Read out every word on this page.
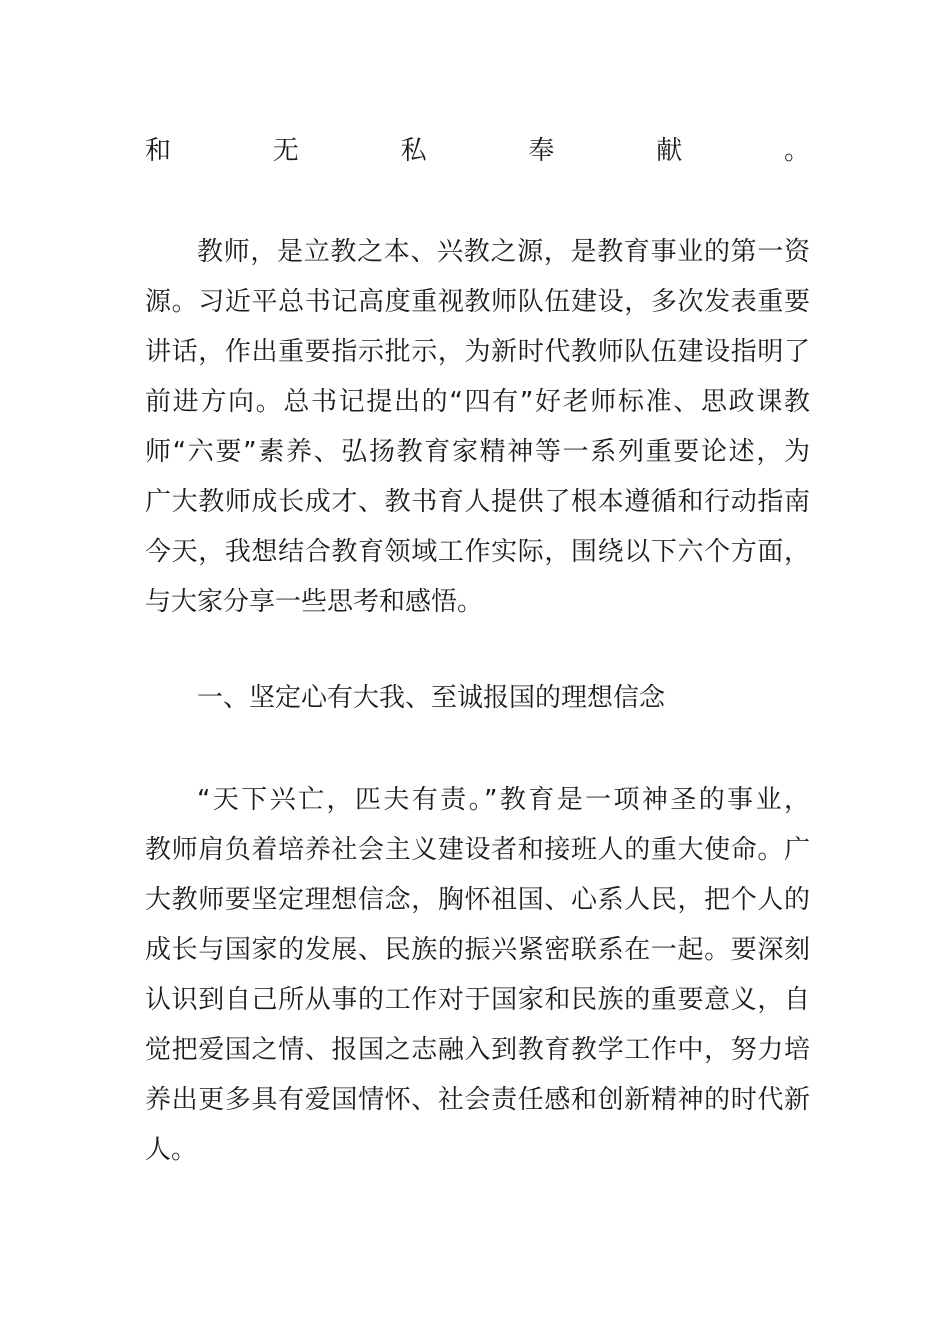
和无私奉献。
教师，是立教之本、兴教之源，是教育事业的第一资
源。习近平总书记高度重视教师队伍建设，多次发表重要
讲话，作出重要指示批示，为新时代教师队伍建设指明了
前进方向。总书记提出的“四有”好老师标准、思政课教
师“六要”素养、弘扬教育家精神等一系列重要论述，为
广大教师成长成才、教书育人提供了根本遵循和行动指南
今天，我想结合教育领域工作实际，围绕以下六个方面，
与大家分享一些思考和感悟。
一、坚定心有大我、至诚报国的理想信念
“天下兴亡，匹夫有责。”教育是一项神圣的事业，
教师肩负着培养社会主义建设者和接班人的重大使命。广
大教师要坚定理想信念，胸怀祖国、心系人民，把个人的
成长与国家的发展、民族的振兴紧密联系在一起。要深刻
认识到自己所从事的工作对于国家和民族的重要意义，自
觉把爱国之情、报国之志融入到教育教学工作中，努力培
养出更多具有爱国情怀、社会责任感和创新精神的时代新
人。
